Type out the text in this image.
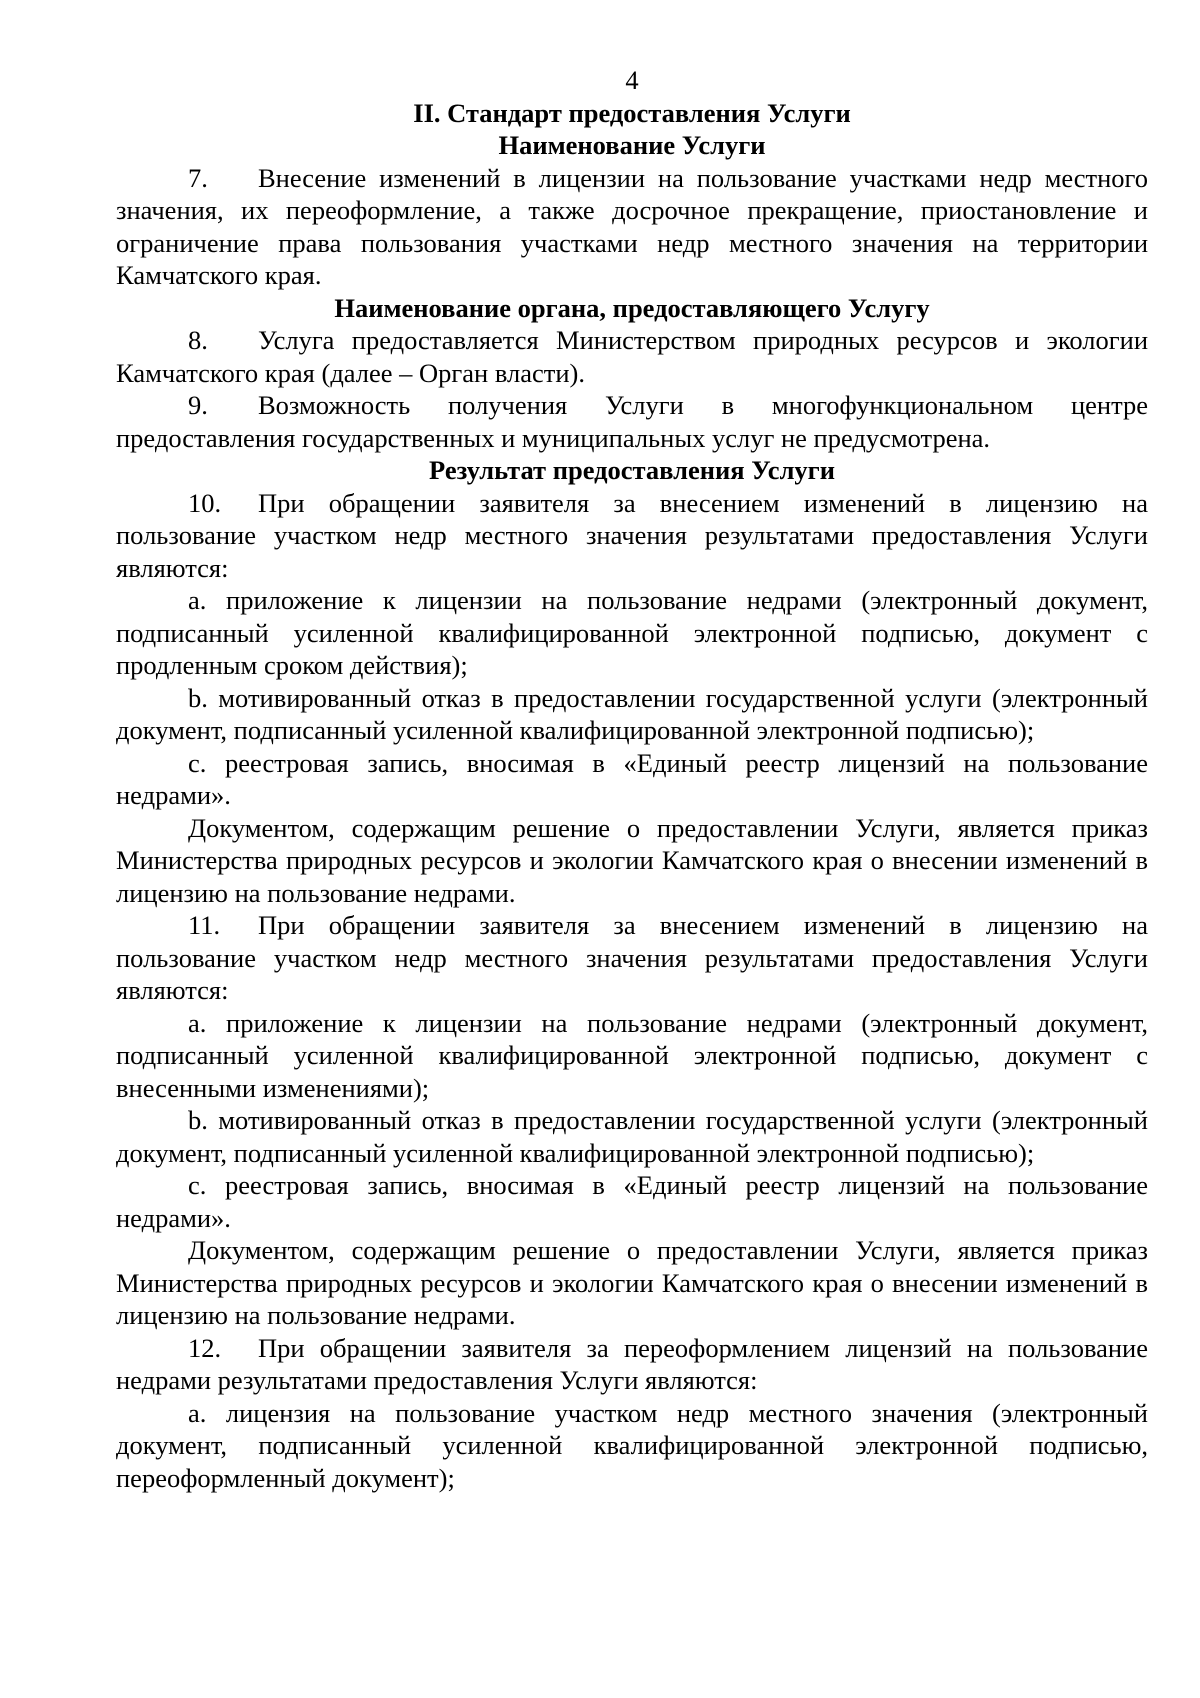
4
II. Стандарт предоставления Услуги
Наименование Услуги

7. Внесение изменений в лицензии на пользование участками недр местного значения, их переоформление, а также досрочное прекращение, приостановление и ограничение права пользования участками недр местного значения на территории Камчатского края.

Наименование органа, предоставляющего Услугу

8. Услуга предоставляется Министерством природных ресурсов и экологии Камчатского края (далее – Орган власти).

9. Возможность получения Услуги в многофункциональном центре предоставления государственных и муниципальных услуг не предусмотрена.

Результат предоставления Услуги

10. При обращении заявителя за внесением изменений в лицензию на пользование участком недр местного значения результатами предоставления Услуги являются:

a. приложение к лицензии на пользование недрами (электронный документ, подписанный усиленной квалифицированной электронной подписью, документ с продленным сроком действия);

b. мотивированный отказ в предоставлении государственной услуги (электронный документ, подписанный усиленной квалифицированной электронной подписью);

c. реестровая запись, вносимая в «Единый реестр лицензий на пользование недрами».

Документом, содержащим решение о предоставлении Услуги, является приказ Министерства природных ресурсов и экологии Камчатского края о внесении изменений в лицензию на пользование недрами.

11. При обращении заявителя за внесением изменений в лицензию на пользование участком недр местного значения результатами предоставления Услуги являются:

a. приложение к лицензии на пользование недрами (электронный документ, подписанный усиленной квалифицированной электронной подписью, документ с внесенными изменениями);

b. мотивированный отказ в предоставлении государственной услуги (электронный документ, подписанный усиленной квалифицированной электронной подписью);

c. реестровая запись, вносимая в «Единый реестр лицензий на пользование недрами».

Документом, содержащим решение о предоставлении Услуги, является приказ Министерства природных ресурсов и экологии Камчатского края о внесении изменений в лицензию на пользование недрами.

12. При обращении заявителя за переоформлением лицензий на пользование недрами результатами предоставления Услуги являются:

a. лицензия на пользование участком недр местного значения (электронный документ, подписанный усиленной квалифицированной электронной подписью, переоформленный документ);
